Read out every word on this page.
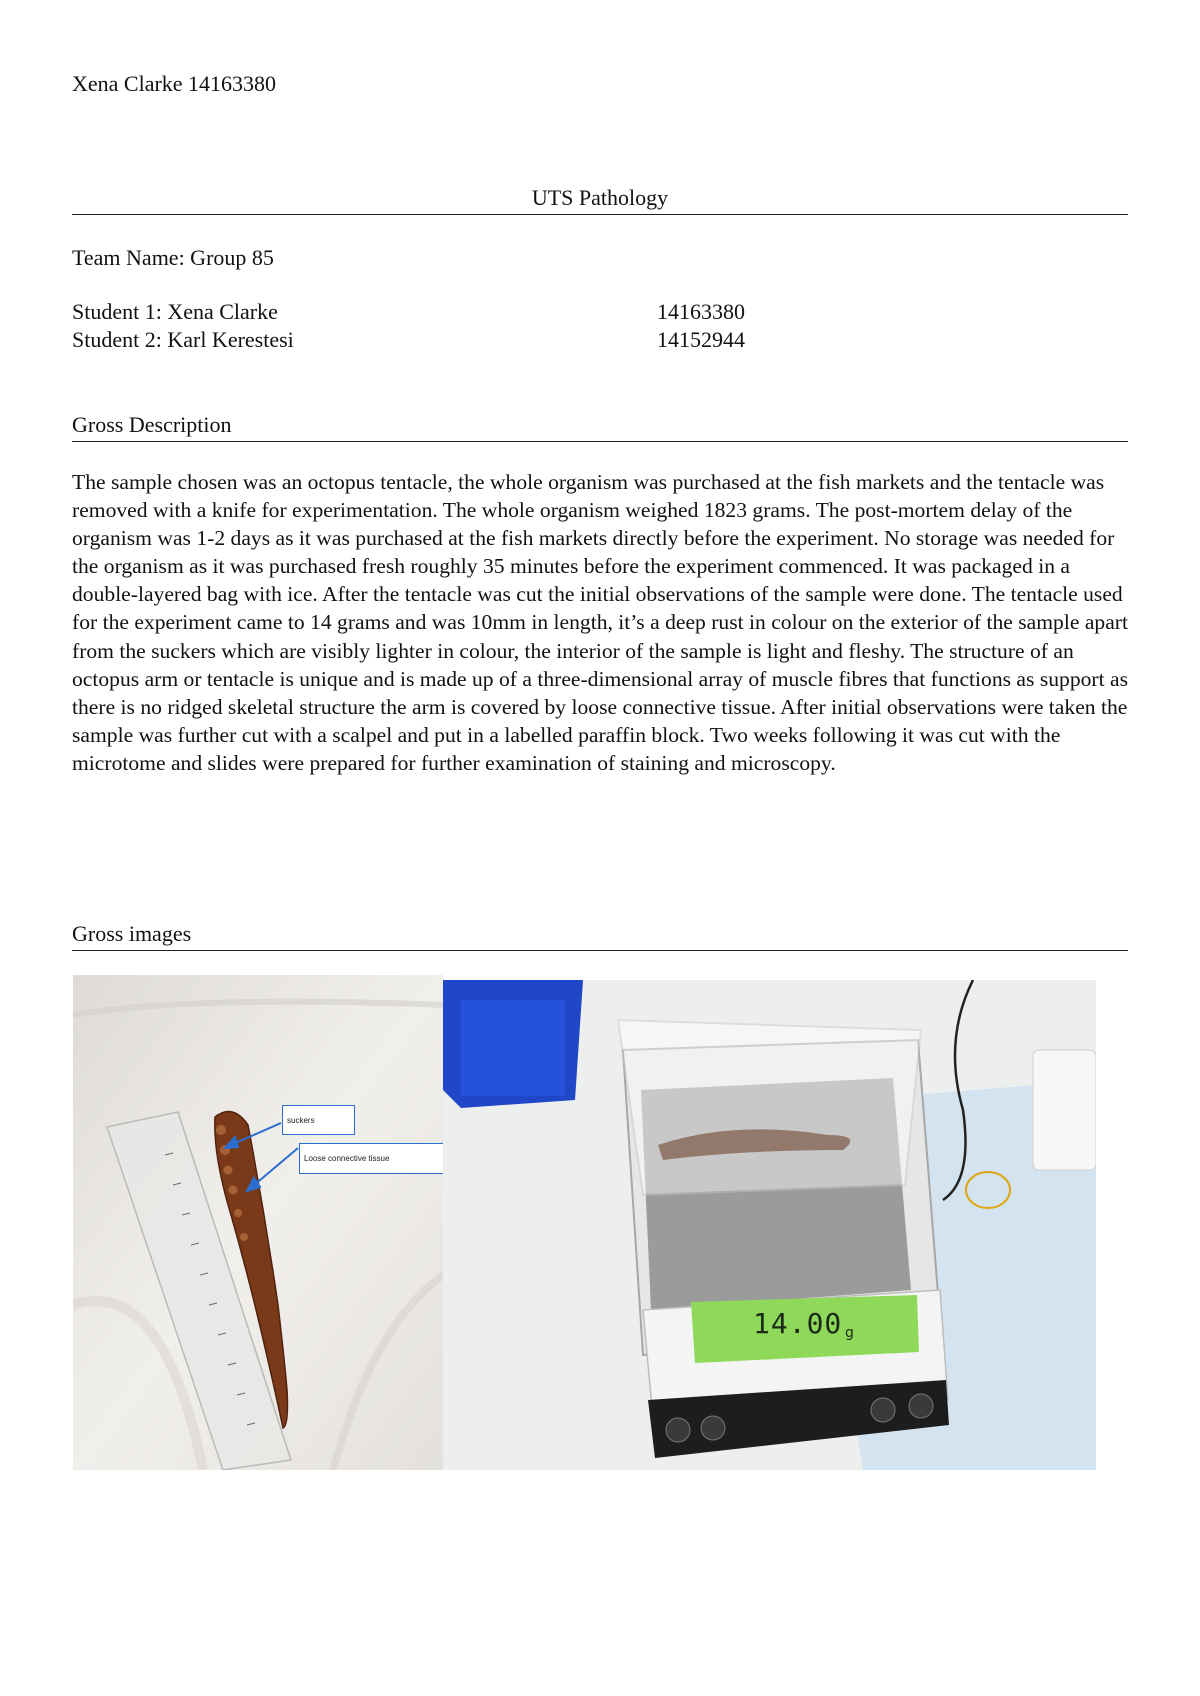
Xena Clarke 14163380
UTS Pathology
Team Name: Group 85
Student 1: Xena Clarke	14163380
Student 2: Karl Kerestesi	14152944
Gross Description

The sample chosen was an octopus tentacle, the whole organism was purchased at the fish markets and the tentacle was removed with a knife for experimentation. The whole organism weighed 1823 grams. The post-mortem delay of the organism was 1-2 days as it was purchased at the fish markets directly before the experiment. No storage was needed for the organism as it was purchased fresh roughly 35 minutes before the experiment commenced. It was packaged in a double-layered bag with ice. After the tentacle was cut the initial observations of the sample were done. The tentacle used for the experiment came to 14 grams and was 10mm in length, it’s a deep rust in colour on the exterior of the sample apart from the suckers which are visibly lighter in colour, the interior of the sample is light and fleshy. The structure of an octopus arm or tentacle is unique and is made up of a three-dimensional array of muscle fibres that functions as support as there is no ridged skeletal structure the arm is covered by loose connective tissue. After initial observations were taken the sample was further cut with a scalpel and put in a labelled paraffin block. Two weeks following it was cut with the microtome and slides were prepared for further examination of staining and microscopy.

Gross images
suckers
Loose connective tissue
14.00 g
